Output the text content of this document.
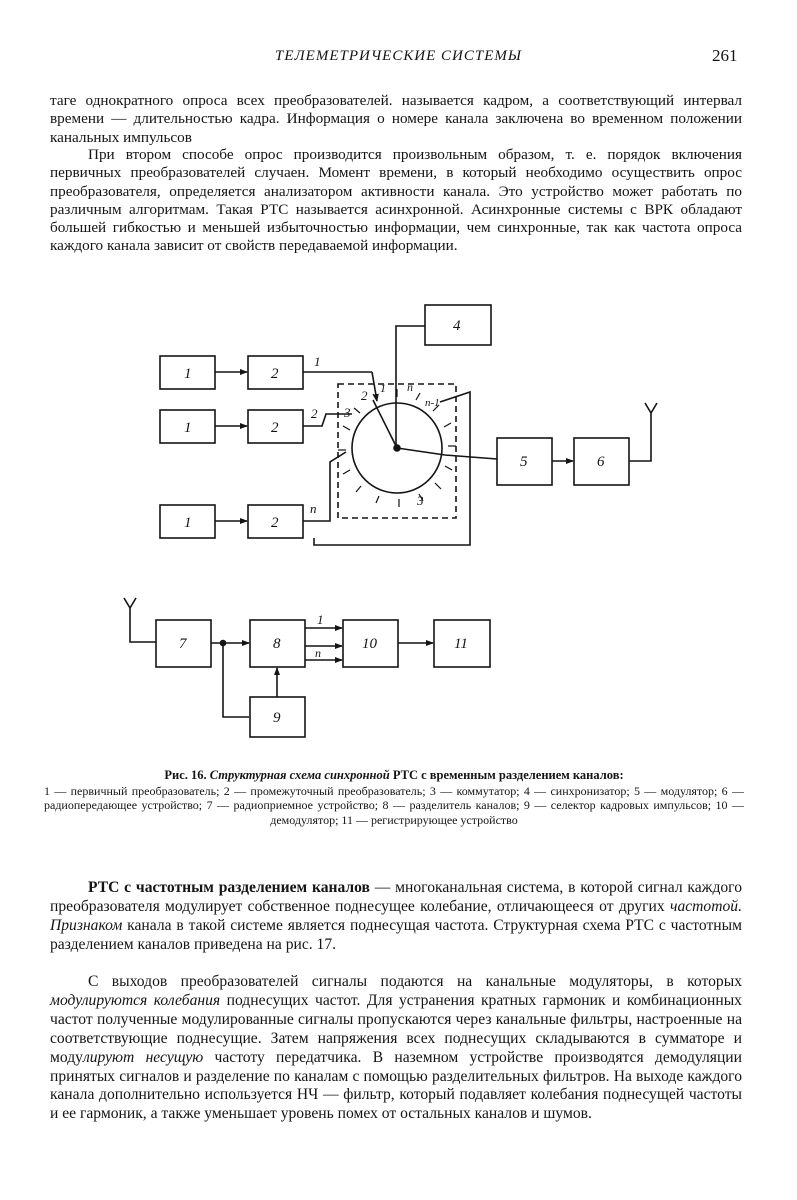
ТЕЛЕМЕТРИЧЕСКИЕ СИСТЕМЫ	261

таге однократного опроса всех преобразователей. называется кадром, а соответствующий интервал времени — длительностью кадра. Информация о номере канала заключена во временном положении канальных импульсов

При втором способе опрос производится произвольным образом, т. е. порядок включения первичных преобразователей случаен. Момент времени, в который необходимо осуществить опрос преобразователя, определяется анализатором активности канала. Это устройство может работать по различным алгоритмам. Такая РТС называется асинхронной. Асинхронные системы с ВРК обладают большей гибкостью и меньшей избыточностью информации, чем синхронные, так как частота опроса каждого канала зависит от свойств передаваемой информации.

1	2
1	2
1	2
4
5	6
1
2
n
2 1 n
n-1
3
3
7	8
9
10	11
1
n

Рис. 16. Структурная схема синхронной РТС с временным разделением каналов:

1 — первичный преобразователь; 2 — промежуточный преобразователь; 3 — коммутатор; 4 — синхронизатор; 5 — модулятор; 6 — радиопередающее устройство; 7 — радиоприемное устройство; 8 — разделитель каналов; 9 — селектор кадровых импульсов; 10 — демодулятор; 11 — регистрирующее устройство

РТС с частотным разделением каналов — многоканальная система, в которой сигнал каждого преобразователя модулирует собственное поднесущее колебание, отличающееся от других частотой. Признаком канала в такой системе является поднесущая частота. Структурная схема РТС с частотным разделением каналов приведена на рис. 17.

С выходов преобразователей сигналы подаются на канальные модуляторы, в которых модулируются колебания поднесущих частот. Для устранения кратных гармоник и комбинационных частот полученные модулированные сигналы пропускаются через канальные фильтры, настроенные на соответствующие поднесущие. Затем напряжения всех поднесущих складываются в сумматоре и модулируют несущую частоту передатчика. В наземном устройстве производятся демодуляции принятых сигналов и разделение по каналам с помощью разделительных фильтров. На выходе каждого канала дополнительно используется НЧ — фильтр, который подавляет колебания поднесущей частоты и ее гармоник, а также уменьшает уровень помех от остальных каналов и шумов.
